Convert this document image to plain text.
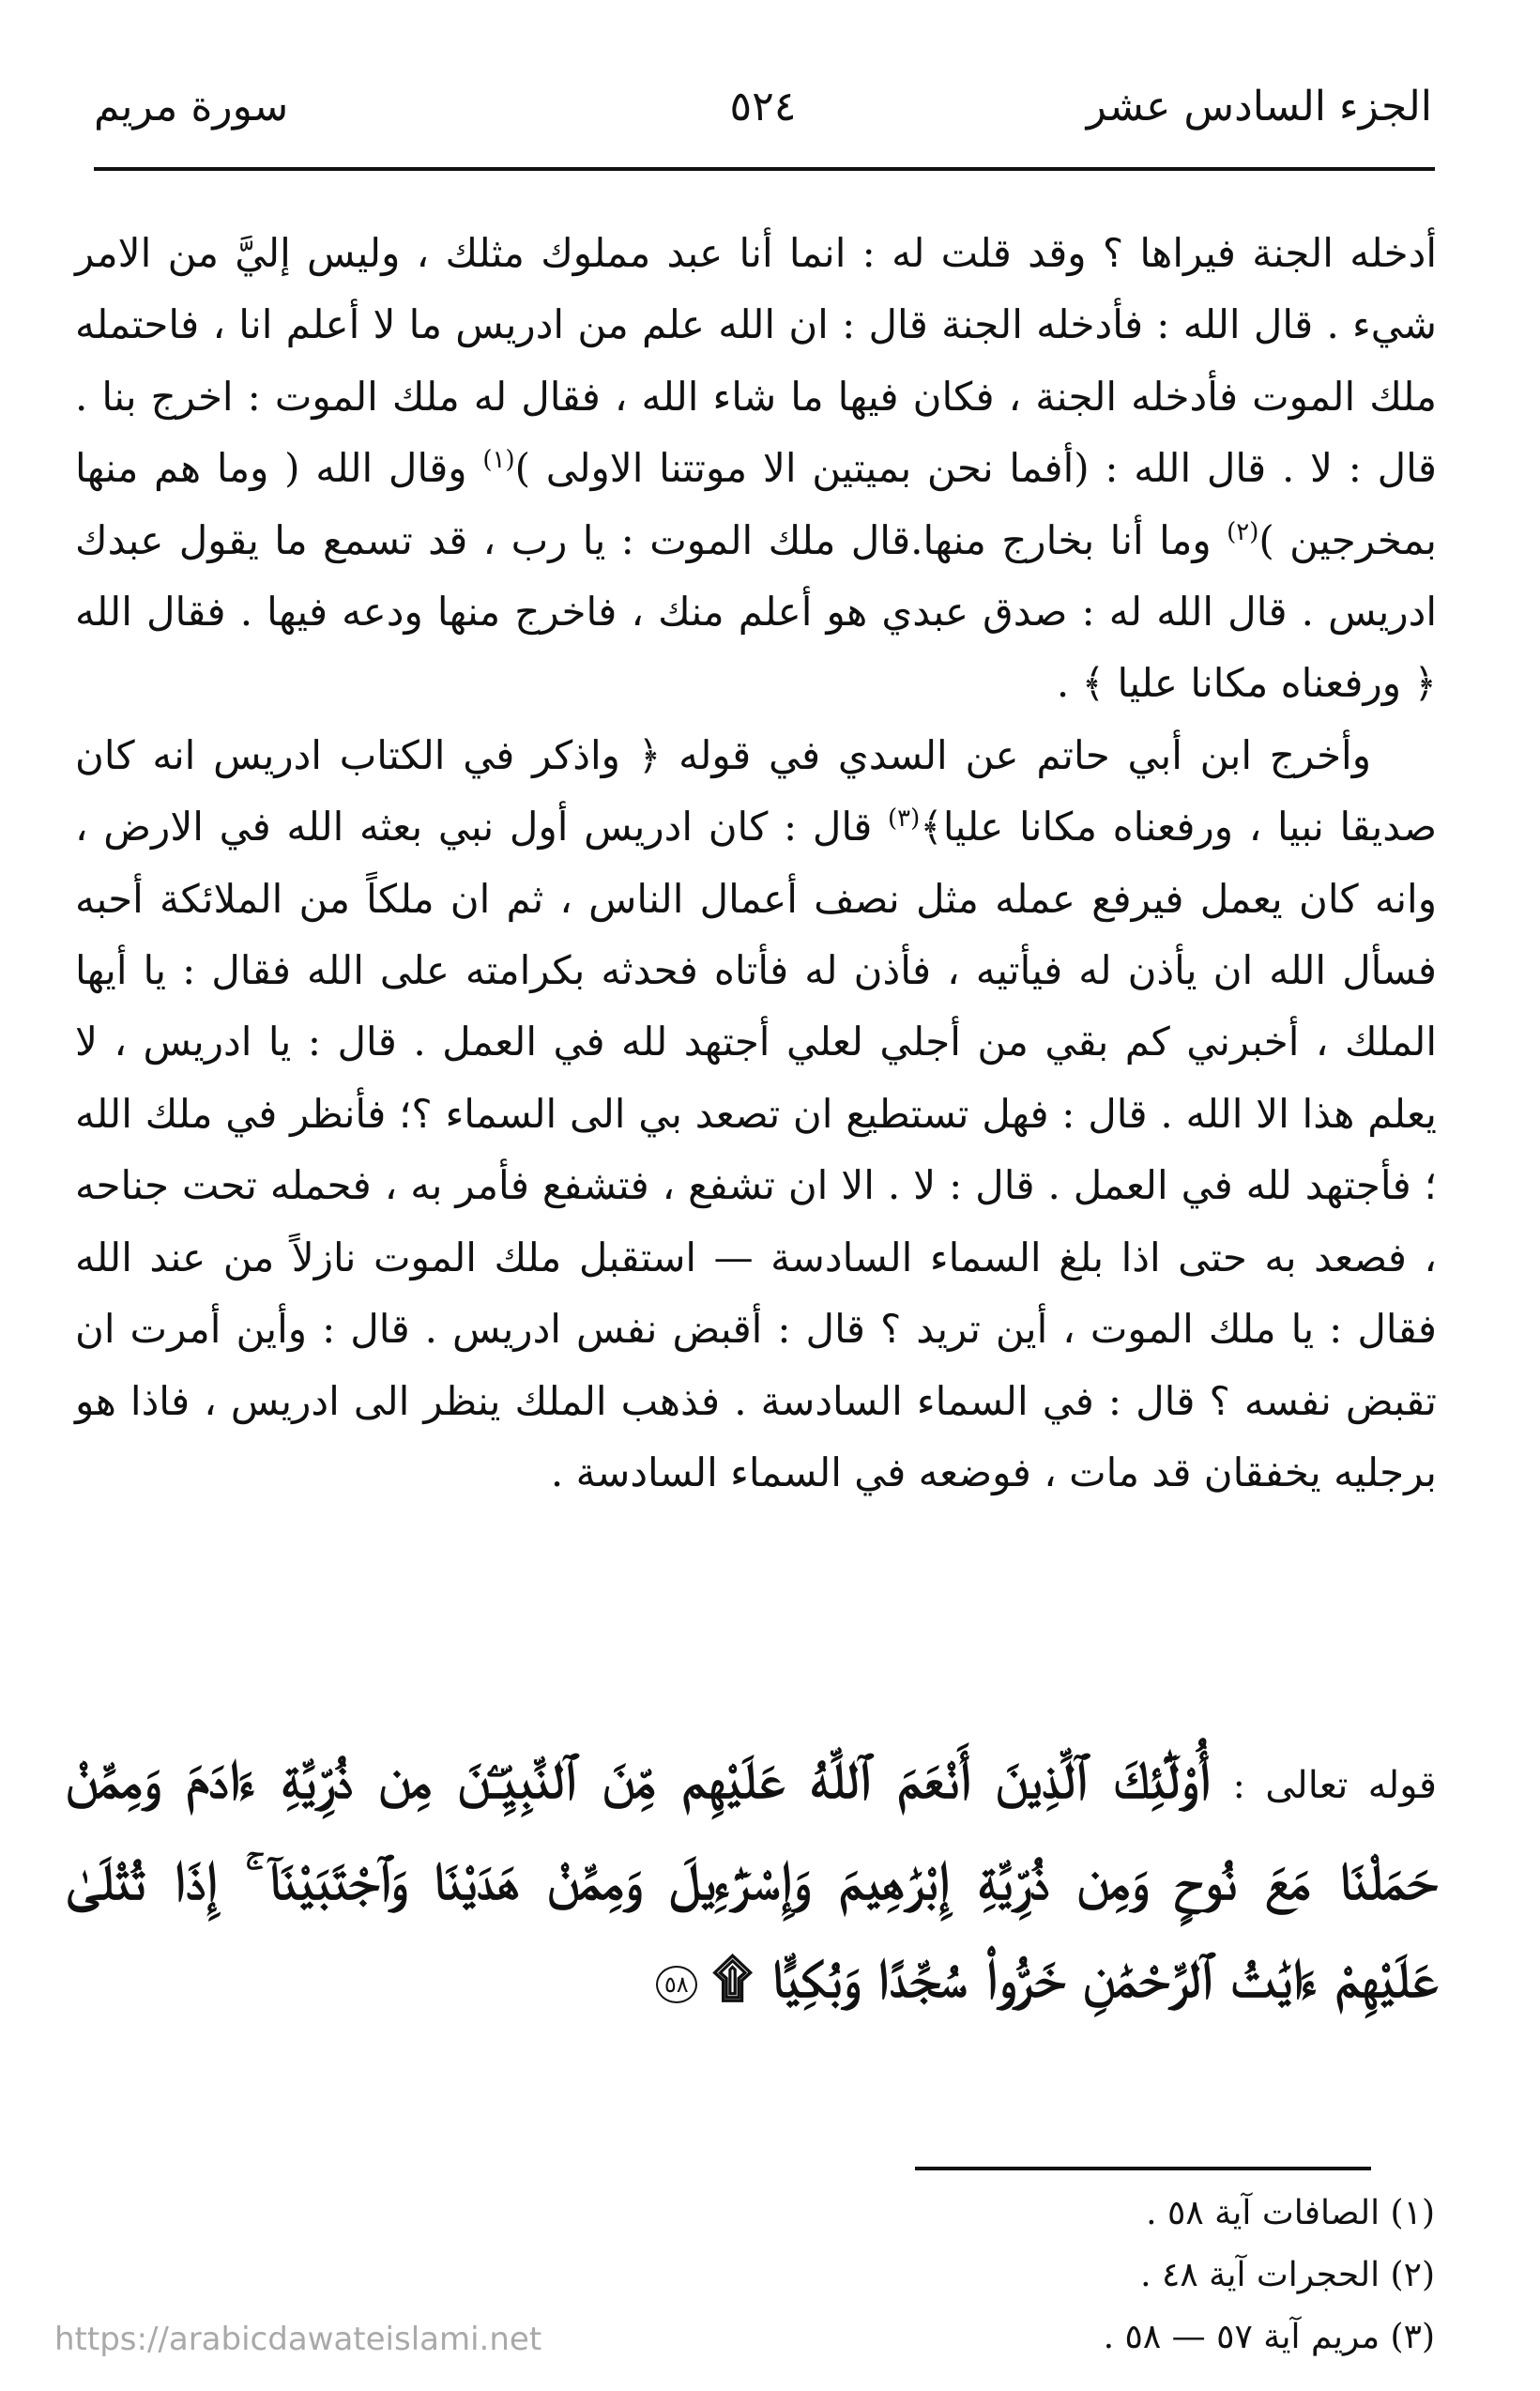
الجزء السادس عشر
٥٢٤
سورة مريم

أدخله الجنة فيراها ؟ وقد قلت له : انما أنا عبد مملوك مثلك ، وليس إليَّ من الامر شيء . قال الله : فأدخله الجنة قال : ان الله علم من ادريس ما لا أعلم انا ، فاحتمله ملك الموت فأدخله الجنة ، فكان فيها ما شاء الله ، فقال له ملك الموت : اخرج بنا . قال : لا . قال الله : (أفما نحن بميتين الا موتتنا الاولى )$^{(١)}$ وقال الله ( وما هم منها بمخرجين )$^{(٢)}$ وما أنا بخارج منها.قال ملك الموت : يا رب ، قد تسمع ما يقول عبدك ادريس . قال الله له : صدق عبدي هو أعلم منك ، فاخرج منها ودعه فيها . فقال الله ﴿ ورفعناه مكانا عليا ﴾ .

وأخرج ابن أبي حاتم عن السدي في قوله ﴿ واذكر في الكتاب ادريس انه كان صديقا نبيا ، ورفعناه مكانا عليا﴾$^{(٣)}$ قال : كان ادريس أول نبي بعثه الله في الارض ، وانه كان يعمل فيرفع عمله مثل نصف أعمال الناس ، ثم ان ملكاً من الملائكة أحبه فسأل الله ان يأذن له فيأتيه ، فأذن له فأتاه فحدثه بكرامته على الله فقال : يا أيها الملك ، أخبرني كم بقي من أجلي لعلي أجتهد لله في العمل . قال : يا ادريس ، لا يعلم هذا الا الله . قال : فهل تستطيع ان تصعد بي الى السماء ؟؛ فأنظر في ملك الله ؛ فأجتهد لله في العمل . قال : لا . الا ان تشفع ، فتشفع فأمر به ، فحمله تحت جناحه ، فصعد به حتى اذا بلغ السماء السادسة — استقبل ملك الموت نازلاً من عند الله فقال : يا ملك الموت ، أين تريد ؟ قال : أقبض نفس ادريس . قال : وأين أمرت ان تقبض نفسه ؟ قال : في السماء السادسة . فذهب الملك ينظر الى ادريس ، فاذا هو برجليه يخفقان قد مات ، فوضعه في السماء السادسة .

قوله تعالى : أُوْلَٰٓئِكَ ٱلَّذِينَ أَنْعَمَ ٱللَّهُ عَلَيْهِم مِّنَ ٱلنَّبِيِّـۧنَ مِن ذُرِّيَّةِ ءَادَمَ وَمِمَّنْ حَمَلْنَا مَعَ نُوحٍ وَمِن ذُرِّيَّةِ إِبْرَٰهِيمَ وَإِسْرَٰٓءِيلَ وَمِمَّنْ هَدَيْنَا وَٱجْتَبَيْنَآ ۚ إِذَا تُتْلَىٰ عَلَيْهِمْ ءَايَٰتُ ٱلرَّحْمَٰنِ خَرُّوا۟ سُجَّدًا وَبُكِيًّا ۩ ٥٨

(١) الصافات آية ٥٨ .
(٢) الحجرات آية ٤٨ .
(٣) مريم آية ٥٧ — ٥٨ .
https://arabicdawateislami.net
